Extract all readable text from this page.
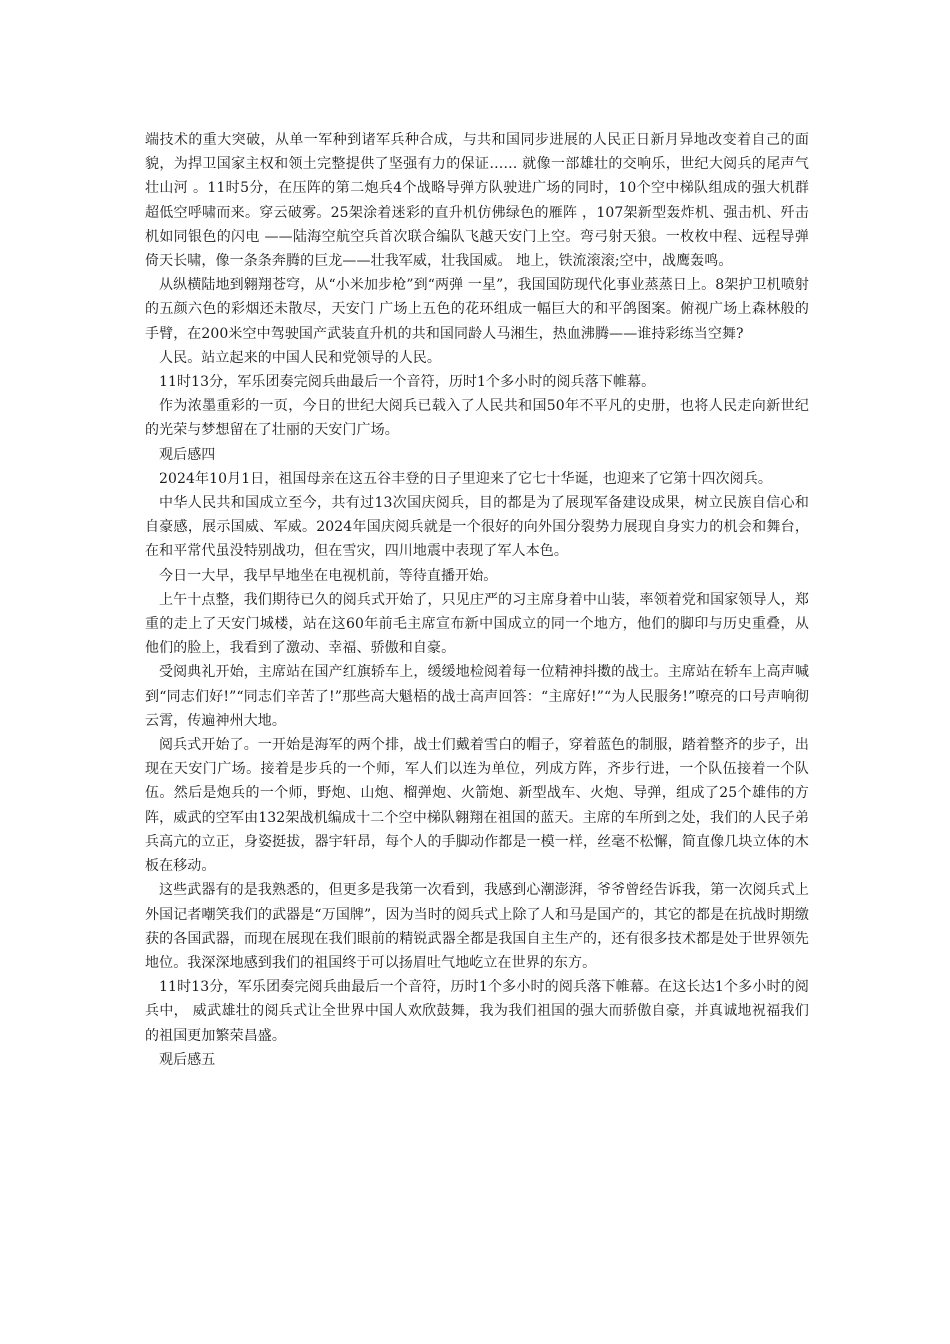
端技术的重大突破，从单一军种到诸军兵种合成，与共和国同步进展的人民正日新月异地改变着自己的面貌，为捍卫国家主权和领土完整提供了坚强有力的保证…… 就像一部雄壮的交响乐，世纪大阅兵的尾声气壮山河 。11时5分，在压阵的第二炮兵4个战略导弹方队驶进广场的同时，10个空中梯队组成的强大机群超低空呼啸而来。穿云破雾。25架涂着迷彩的直升机仿佛绿色的雁阵 ，107架新型轰炸机、强击机、歼击机如同银色的闪电 ——陆海空航空兵首次联合编队飞越天安门上空。弯弓射天狼。一枚枚中程、远程导弹倚天长啸，像一条条奔腾的巨龙——壮我军威，壮我国威。 地上，铁流滚滚;空中，战鹰轰鸣。

从纵横陆地到翱翔苍穹，从“小米加步枪”到“两弹 一星”，我国国防现代化事业蒸蒸日上。8架护卫机喷射的五颜六色的彩烟还未散尽，天安门 广场上五色的花环组成一幅巨大的和平鸽图案。俯视广场上森林般的手臂，在200米空中驾驶国产武装直升机的共和国同龄人马湘生，热血沸腾——谁持彩练当空舞?

人民。站立起来的中国人民和党领导的人民。

11时13分，军乐团奏完阅兵曲最后一个音符，历时1个多小时的阅兵落下帷幕。

作为浓墨重彩的一页，今日的世纪大阅兵已载入了人民共和国50年不平凡的史册，也将人民走向新世纪的光荣与梦想留在了壮丽的天安门广场。

观后感四

2024年10月1日，祖国母亲在这五谷丰登的日子里迎来了它七十华诞，也迎来了它第十四次阅兵。

中华人民共和国成立至今，共有过13次国庆阅兵，目的都是为了展现军备建设成果，树立民族自信心和自豪感，展示国威、军威。2024年国庆阅兵就是一个很好的向外国分裂势力展现自身实力的机会和舞台，在和平常代虽没特别战功，但在雪灾，四川地震中表现了军人本色。

今日一大早，我早早地坐在电视机前，等待直播开始。

上午十点整，我们期待已久的阅兵式开始了，只见庄严的习主席身着中山装，率领着党和国家领导人，郑重的走上了天安门城楼，站在这60年前毛主席宣布新中国成立的同一个地方，他们的脚印与历史重叠，从他们的脸上，我看到了激动、幸福、骄傲和自豪。

受阅典礼开始，主席站在国产红旗轿车上，缓缓地检阅着每一位精神抖擞的战士。主席站在轿车上高声喊到“同志们好!”“同志们辛苦了!”那些高大魁梧的战士高声回答：“主席好!”“为人民服务!”嘹亮的口号声响彻云霄，传遍神州大地。

阅兵式开始了。一开始是海军的两个排，战士们戴着雪白的帽子，穿着蓝色的制服，踏着整齐的步子，出现在天安门广场。接着是步兵的一个师，军人们以连为单位，列成方阵，齐步行进，一个队伍接着一个队伍。然后是炮兵的一个师，野炮、山炮、榴弹炮、火箭炮、新型战车、火炮、导弹，组成了25个雄伟的方阵，威武的空军由132架战机编成十二个空中梯队翱翔在祖国的蓝天。主席的车所到之处，我们的人民子弟兵高亢的立正，身姿挺拔，器宇轩昂，每个人的手脚动作都是一模一样，丝毫不松懈，简直像几块立体的木板在移动。

这些武器有的是我熟悉的，但更多是我第一次看到，我感到心潮澎湃，爷爷曾经告诉我，第一次阅兵式上外国记者嘲笑我们的武器是“万国牌”，因为当时的阅兵式上除了人和马是国产的，其它的都是在抗战时期缴获的各国武器，而现在展现在我们眼前的精锐武器全都是我国自主生产的，还有很多技术都是处于世界领先地位。我深深地感到我们的祖国终于可以扬眉吐气地屹立在世界的东方。

11时13分，军乐团奏完阅兵曲最后一个音符，历时1个多小时的阅兵落下帷幕。在这长达1个多小时的阅兵中， 威武雄壮的阅兵式让全世界中国人欢欣鼓舞，我为我们祖国的强大而骄傲自豪，并真诚地祝福我们的祖国更加繁荣昌盛。

观后感五
